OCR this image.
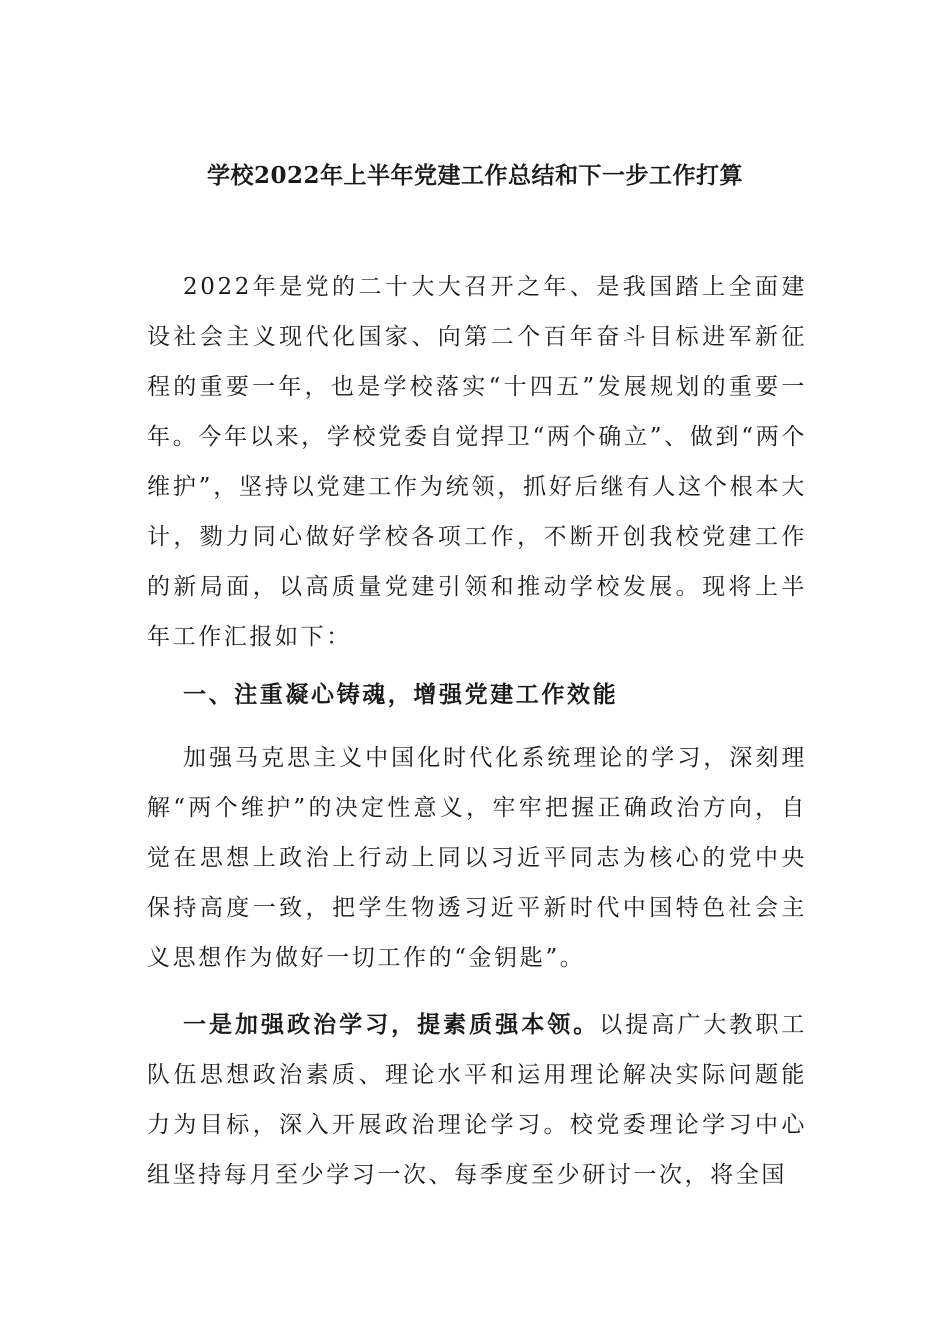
学校2022年上半年党建工作总结和下一步工作打算

2022年是党的二十大大召开之年、是我国踏上全面建设社会主义现代化国家、向第二个百年奋斗目标进军新征程的重要一年，也是学校落实“十四五”发展规划的重要一年。今年以来，学校党委自觉捍卫“两个确立”、做到“两个维护”，坚持以党建工作为统领，抓好后继有人这个根本大计，勠力同心做好学校各项工作，不断开创我校党建工作的新局面，以高质量党建引领和推动学校发展。现将上半年工作汇报如下：

一、注重凝心铸魂，增强党建工作效能

加强马克思主义中国化时代化系统理论的学习，深刻理解“两个维护”的决定性意义，牢牢把握正确政治方向，自觉在思想上政治上行动上同以习近平同志为核心的党中央保持高度一致，把学生物透习近平新时代中国特色社会主义思想作为做好一切工作的“金钥匙”。

一是加强政治学习，提素质强本领。以提高广大教职工队伍思想政治素质、理论水平和运用理论解决实际问题能力为目标，深入开展政治理论学习。校党委理论学习中心组坚持每月至少学习一次、每季度至少研讨一次，将全国
